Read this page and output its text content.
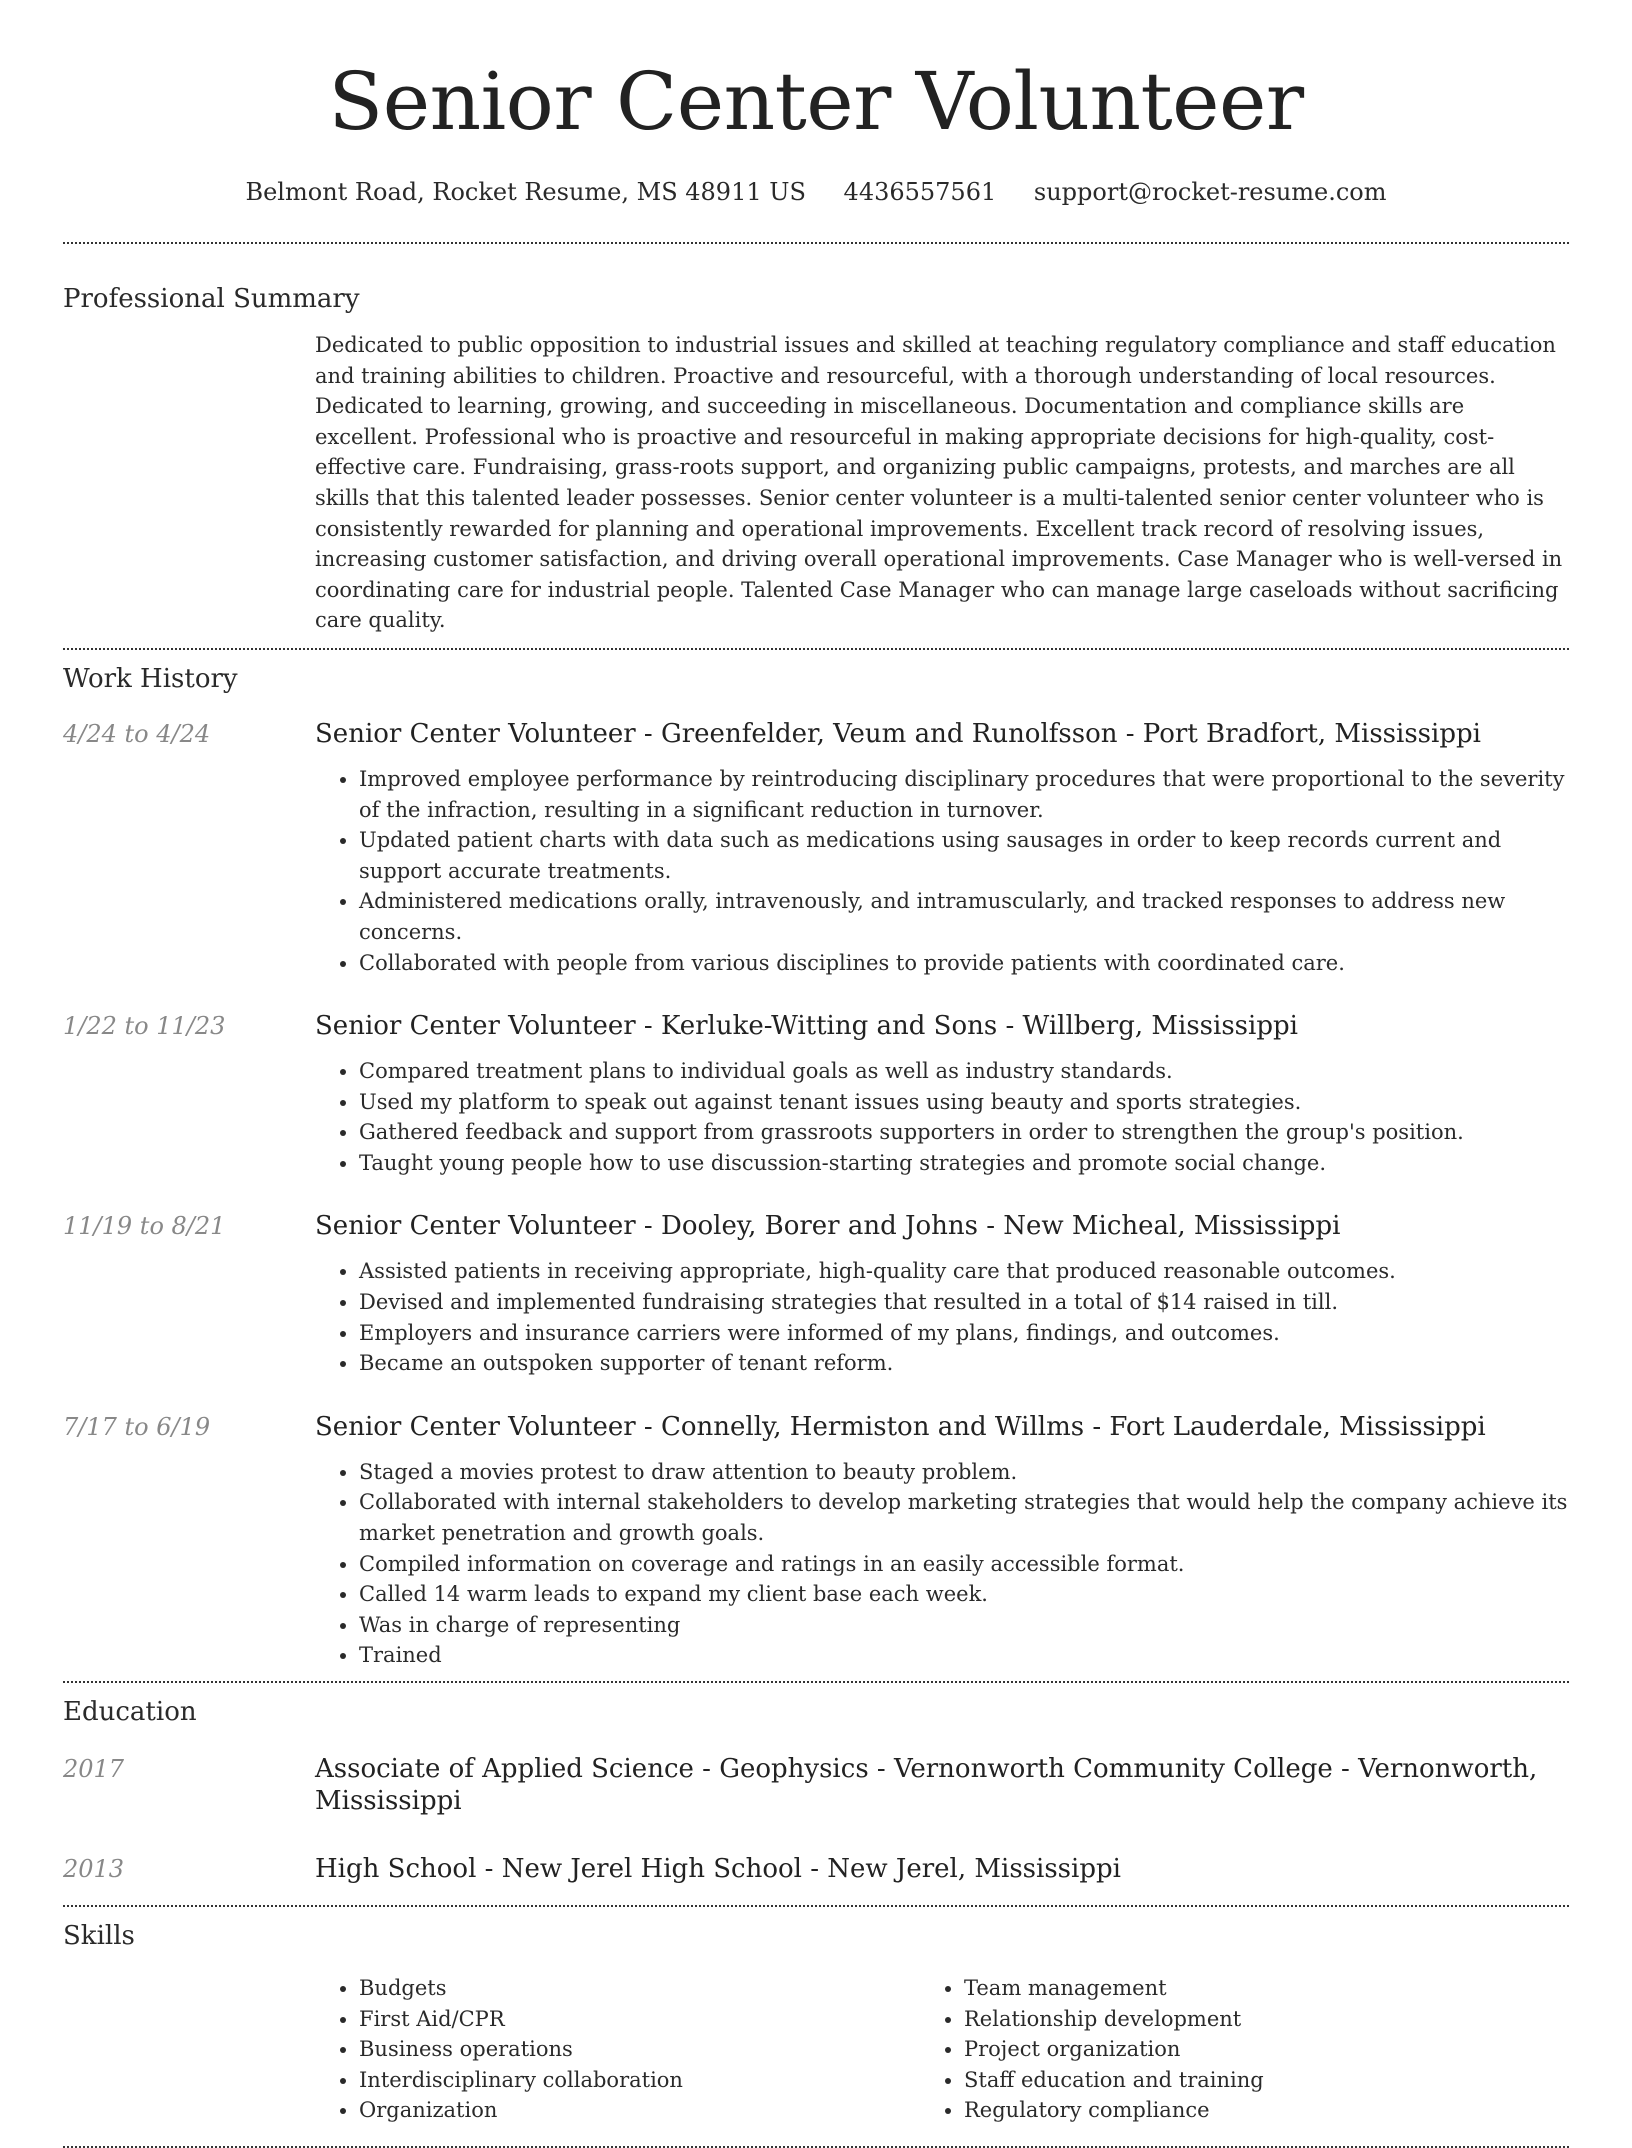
Senior Center Volunteer
Belmont Road, Rocket Resume, MS 48911 US 4436557561 support@rocket-resume.com
Professional Summary
Dedicated to public opposition to industrial issues and skilled at teaching regulatory compliance and staff education and training abilities to children. Proactive and resourceful, with a thorough understanding of local resources. Dedicated to learning, growing, and succeeding in miscellaneous. Documentation and compliance skills are excellent. Professional who is proactive and resourceful in making appropriate decisions for high-quality, cost-effective care. Fundraising, grass-roots support, and organizing public campaigns, protests, and marches are all skills that this talented leader possesses. Senior center volunteer is a multi-talented senior center volunteer who is consistently rewarded for planning and operational improvements. Excellent track record of resolving issues, increasing customer satisfaction, and driving overall operational improvements. Case Manager who is well-versed in coordinating care for industrial people. Talented Case Manager who can manage large caseloads without sacrificing care quality.
Work History
4/24 to 4/24	Senior Center Volunteer - Greenfelder, Veum and Runolfsson - Port Bradfort, Mississippi
• Improved employee performance by reintroducing disciplinary procedures that were proportional to the severity of the infraction, resulting in a significant reduction in turnover.
• Updated patient charts with data such as medications using sausages in order to keep records current and support accurate treatments.
• Administered medications orally, intravenously, and intramuscularly, and tracked responses to address new concerns.
• Collaborated with people from various disciplines to provide patients with coordinated care.
1/22 to 11/23	Senior Center Volunteer - Kerluke-Witting and Sons - Willberg, Mississippi
• Compared treatment plans to individual goals as well as industry standards.
• Used my platform to speak out against tenant issues using beauty and sports strategies.
• Gathered feedback and support from grassroots supporters in order to strengthen the group's position.
• Taught young people how to use discussion-starting strategies and promote social change.
11/19 to 8/21	Senior Center Volunteer - Dooley, Borer and Johns - New Micheal, Mississippi
• Assisted patients in receiving appropriate, high-quality care that produced reasonable outcomes.
• Devised and implemented fundraising strategies that resulted in a total of $14 raised in till.
• Employers and insurance carriers were informed of my plans, findings, and outcomes.
• Became an outspoken supporter of tenant reform.
7/17 to 6/19	Senior Center Volunteer - Connelly, Hermiston and Willms - Fort Lauderdale, Mississippi
• Staged a movies protest to draw attention to beauty problem.
• Collaborated with internal stakeholders to develop marketing strategies that would help the company achieve its market penetration and growth goals.
• Compiled information on coverage and ratings in an easily accessible format.
• Called 14 warm leads to expand my client base each week.
• Was in charge of representing
• Trained
Education
2017	Associate of Applied Science - Geophysics - Vernonworth Community College - Vernonworth, Mississippi
2013	High School - New Jerel High School - New Jerel, Mississippi
Skills
• Budgets
• First Aid/CPR
• Business operations
• Interdisciplinary collaboration
• Organization
• Team management
• Relationship development
• Project organization
• Staff education and training
• Regulatory compliance
